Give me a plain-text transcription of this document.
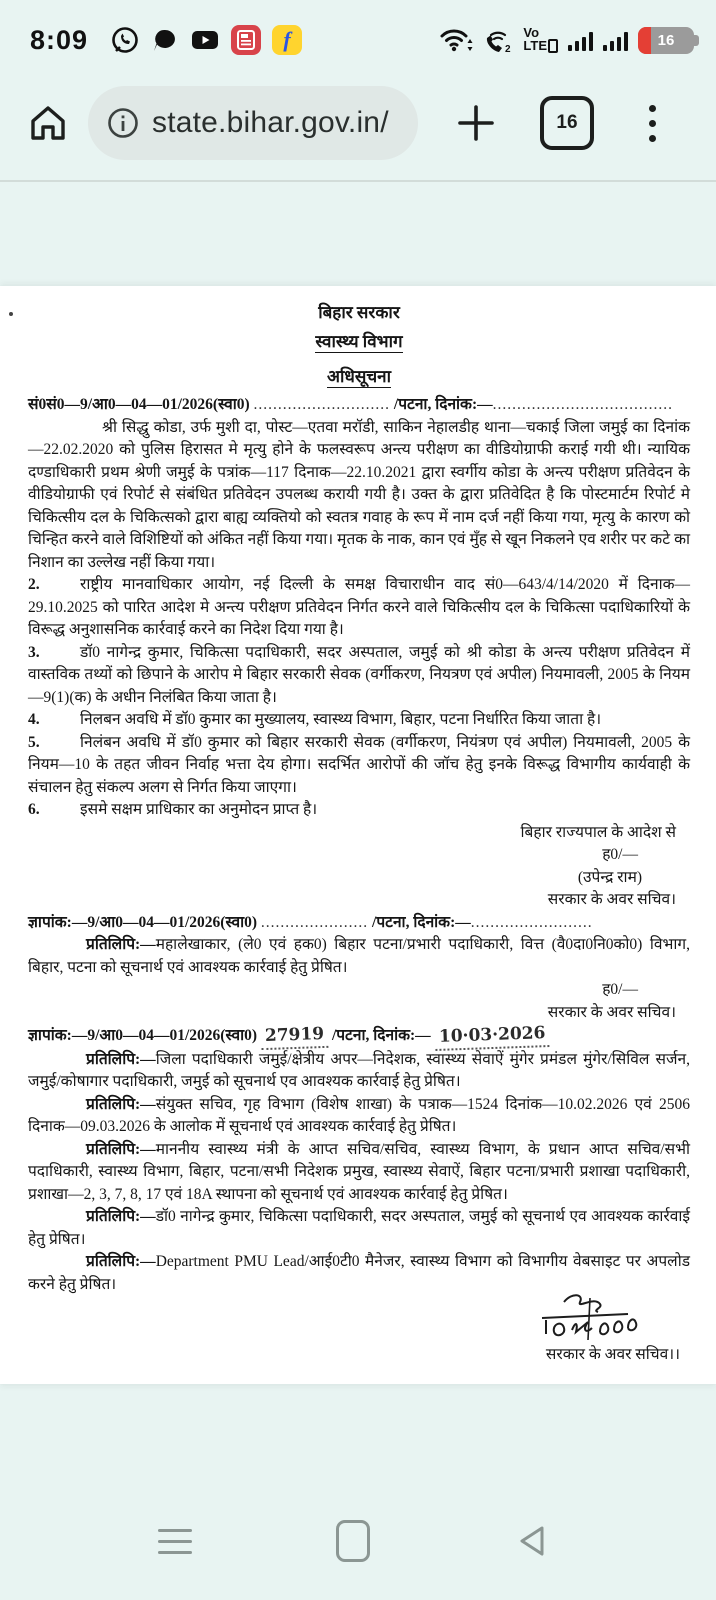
8:09	f	2
Vo
LTE	16
state.bihar.gov.in/	16
बिहार सरकार
स्वास्थ्य विभाग
अधिसूचना
सं0सं0—9/आ0—04—01/2026(स्वा0) ............................ /पटना, दिनांक:—.....................................

श्री सिद्धु कोडा, उर्फ मुशी दा, पोस्ट—एतवा मरॉडी, साकिन नेहालडीह थाना—चकाई जिला जमुई का दिनांक—22.02.2020 को पुलिस हिरासत मे मृत्यु होने के फलस्वरूप अन्त्य परीक्षण का वीडियोग्राफी कराई गयी थी। न्यायिक दण्डाधिकारी प्रथम श्रेणी जमुई के पत्रांक—117 दिनाक—22.10.2021 द्वारा स्वर्गीय कोडा के अन्त्य परीक्षण प्रतिवेदन के वीडियोग्राफी एवं रिपोर्ट से संबंधित प्रतिवेदन उपलब्ध करायी गयी है। उक्त के द्वारा प्रतिवेदित है कि पोस्टमार्टम रिपोर्ट मे चिकित्सीय दल के चिकित्सको द्वारा बाह्य व्यक्तियो को स्वतत्र गवाह के रूप में नाम दर्ज नहीं किया गया, मृत्यु के कारण को चिन्हित करने वाले विशिष्टियों को अंकित नहीं किया गया। मृतक के नाक, कान एवं मुँह से खून निकलने एव शरीर पर कटे का निशान का उल्लेख नहीं किया गया।

2.	राष्ट्रीय मानवाधिकार आयोग, नई दिल्ली के समक्ष विचाराधीन वाद सं0—643/4/14/2020 में दिनाक—29.10.2025 को पारित आदेश मे अन्त्य परीक्षण प्रतिवेदन निर्गत करने वाले चिकित्सीय दल के चिकित्सा पदाधिकारियों के विरूद्ध अनुशासनिक कार्रवाई करने का निदेश दिया गया है।

3.	डॉ0 नागेन्द्र कुमार, चिकित्सा पदाधिकारी, सदर अस्पताल, जमुई को श्री कोडा के अन्त्य परीक्षण प्रतिवेदन में वास्तविक तथ्यों को छिपाने के आरोप मे बिहार सरकारी सेवक (वर्गीकरण, नियत्रण एवं अपील) नियमावली, 2005 के नियम—9(1)(क) के अधीन निलंबित किया जाता है।

4.	निलबन अवधि में डॉ0 कुमार का मुख्यालय, स्वास्थ्य विभाग, बिहार, पटना निर्धारित किया जाता है।

5.	निलंबन अवधि में डॉ0 कुमार को बिहार सरकारी सेवक (वर्गीकरण, नियंत्रण एवं अपील) नियमावली, 2005 के नियम—10 के तहत जीवन निर्वाह भत्ता देय होगा। सदर्भित आरोपों की जॉच हेतु इनके विरूद्ध विभागीय कार्यवाही के संचालन हेतु संकल्प अलग से निर्गत किया जाएगा।

6.	इसमे सक्षम प्राधिकार का अनुमोदन प्राप्त है।

बिहार राज्यपाल के आदेश से

ह0/—

(उपेन्द्र राम)

सरकार के अवर सचिव।

ज्ञापांक:—9/आ0—04—01/2026(स्वा0) ...................... /पटना, दिनांक:—.........................

प्रतिलिपि:—महालेखाकार, (ले0 एवं हक0) बिहार पटना/प्रभारी पदाधिकारी, वित्त (वै0दा0नि0को0) विभाग, बिहार, पटना को सूचनार्थ एवं आवश्यक कार्रवाई हेतु प्रेषित।

ह0/—

सरकार के अवर सचिव।

ज्ञापांक:—9/आ0—04—01/2026(स्वा0) 27919 /पटना, दिनांक:— 10·03·2026

प्रतिलिपि:—जिला पदाधिकारी जमुई/क्षेत्रीय अपर—निदेशक, स्वास्थ्य सेवाऐं मुंगेर प्रमंडल मुंगेर/सिविल सर्जन, जमुई/कोषागार पदाधिकारी, जमुई को सूचनार्थ एव आवश्यक कार्रवाई हेतु प्रेषित।

प्रतिलिपि:—संयुक्त सचिव, गृह विभाग (विशेष शाखा) के पत्राक—1524 दिनांक—10.02.2026 एवं 2506 दिनाक—09.03.2026 के आलोक में सूचनार्थ एवं आवश्यक कार्रवाई हेतु प्रेषित।

प्रतिलिपि:—माननीय स्वास्थ्य मंत्री के आप्त सचिव/सचिव, स्वास्थ्य विभाग, के प्रधान आप्त सचिव/सभी पदाधिकारी, स्वास्थ्य विभाग, बिहार, पटना/सभी निदेशक प्रमुख, स्वास्थ्य सेवाऐं, बिहार पटना/प्रभारी प्रशाखा पदाधिकारी, प्रशाखा—2, 3, 7, 8, 17 एवं 18A स्थापना को सूचनार्थ एवं आवश्यक कार्रवाई हेतु प्रेषित।

प्रतिलिपि:—डॉ0 नागेन्द्र कुमार, चिकित्सा पदाधिकारी, सदर अस्पताल, जमुई को सूचनार्थ एव आवश्यक कार्रवाई हेतु प्रेषित।

प्रतिलिपि:—Department PMU Lead/आई0टी0 मैनेजर, स्वास्थ्य विभाग को विभागीय वेबसाइट पर अपलोड करने हेतु प्रेषित।

सरकार के अवर सचिव।।
